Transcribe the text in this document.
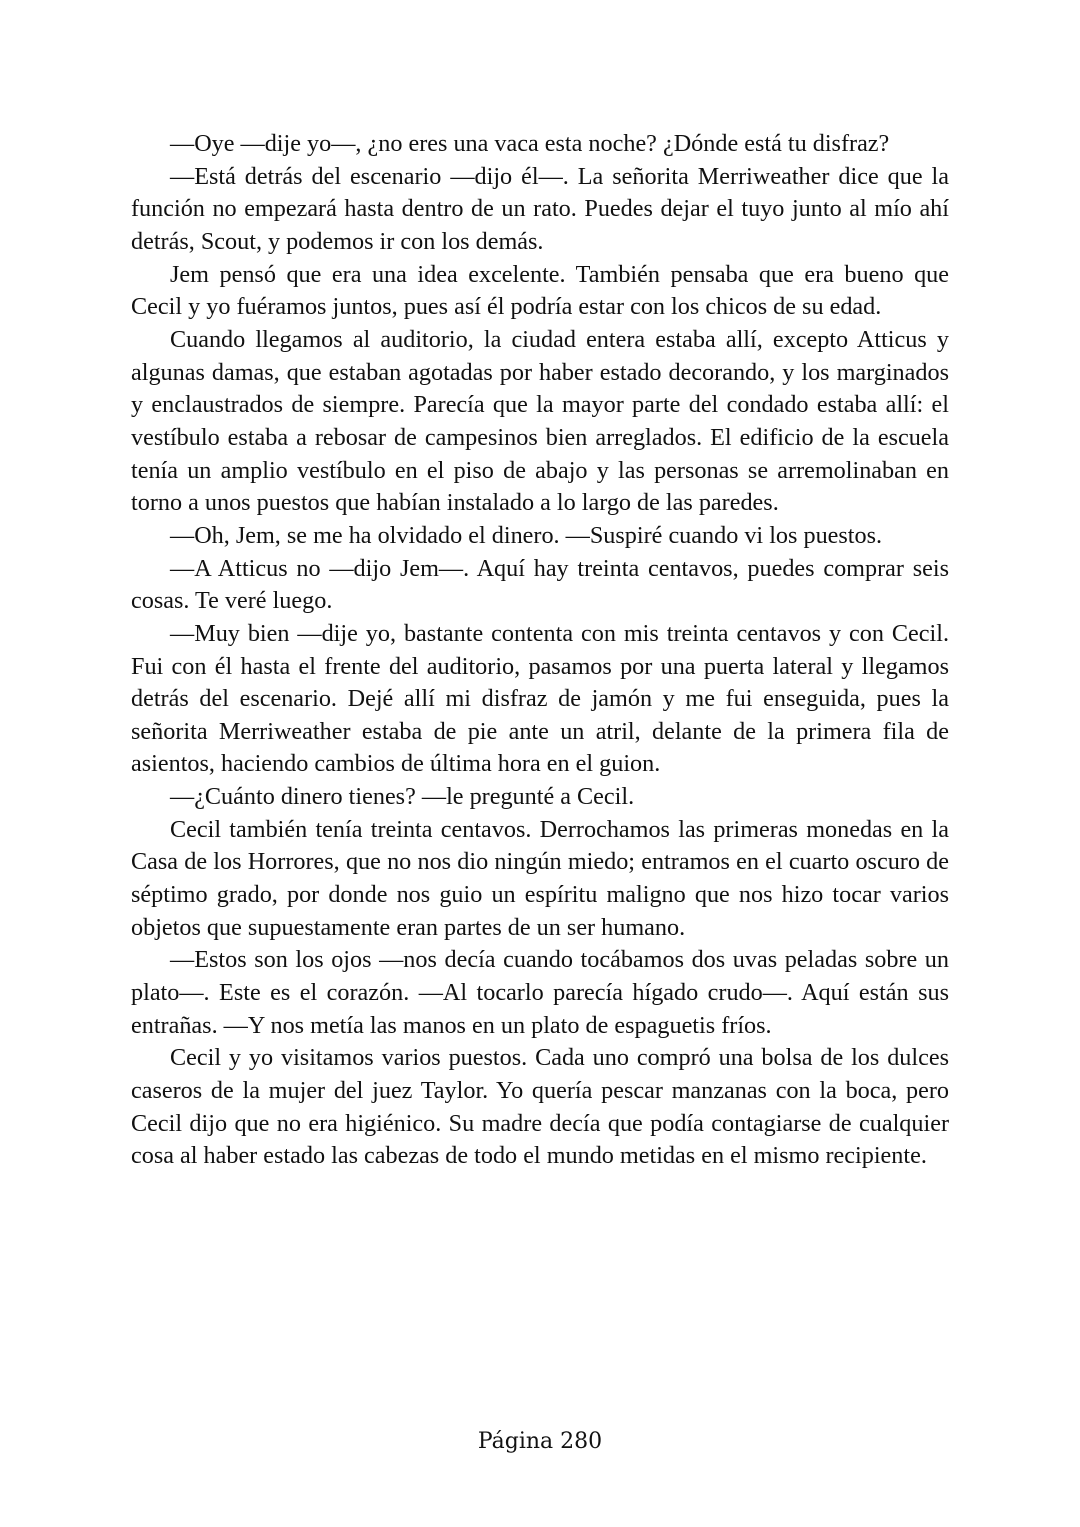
—Oye —dije yo—, ¿no eres una vaca esta noche? ¿Dónde está tu disfraz?

—Está detrás del escenario —dijo él—. La señorita Merriweather dice que la función no empezará hasta dentro de un rato. Puedes dejar el tuyo junto al mío ahí detrás, Scout, y podemos ir con los demás.

Jem pensó que era una idea excelente. También pensaba que era bueno que Cecil y yo fuéramos juntos, pues así él podría estar con los chicos de su edad.

Cuando llegamos al auditorio, la ciudad entera estaba allí, excepto Atticus y algunas damas, que estaban agotadas por haber estado decorando, y los marginados y enclaustrados de siempre. Parecía que la mayor parte del condado estaba allí: el vestíbulo estaba a rebosar de campesinos bien arreglados. El edificio de la escuela tenía un amplio vestíbulo en el piso de abajo y las personas se arremolinaban en torno a unos puestos que habían instalado a lo largo de las paredes.

—Oh, Jem, se me ha olvidado el dinero. —Suspiré cuando vi los puestos.

—A Atticus no —dijo Jem—. Aquí hay treinta centavos, puedes comprar seis cosas. Te veré luego.

—Muy bien —dije yo, bastante contenta con mis treinta centavos y con Cecil. Fui con él hasta el frente del auditorio, pasamos por una puerta lateral y llegamos detrás del escenario. Dejé allí mi disfraz de jamón y me fui enseguida, pues la señorita Merriweather estaba de pie ante un atril, delante de la primera fila de asientos, haciendo cambios de última hora en el guion.

—¿Cuánto dinero tienes? —le pregunté a Cecil.

Cecil también tenía treinta centavos. Derrochamos las primeras monedas en la Casa de los Horrores, que no nos dio ningún miedo; entramos en el cuarto oscuro de séptimo grado, por donde nos guio un espíritu maligno que nos hizo tocar varios objetos que supuestamente eran partes de un ser humano.

—Estos son los ojos —nos decía cuando tocábamos dos uvas peladas sobre un plato—. Este es el corazón. —Al tocarlo parecía hígado crudo—. Aquí están sus entrañas. —Y nos metía las manos en un plato de espaguetis fríos.

Cecil y yo visitamos varios puestos. Cada uno compró una bolsa de los dulces caseros de la mujer del juez Taylor. Yo quería pescar manzanas con la boca, pero Cecil dijo que no era higiénico. Su madre decía que podía contagiarse de cualquier cosa al haber estado las cabezas de todo el mundo metidas en el mismo recipiente.

Página 280
